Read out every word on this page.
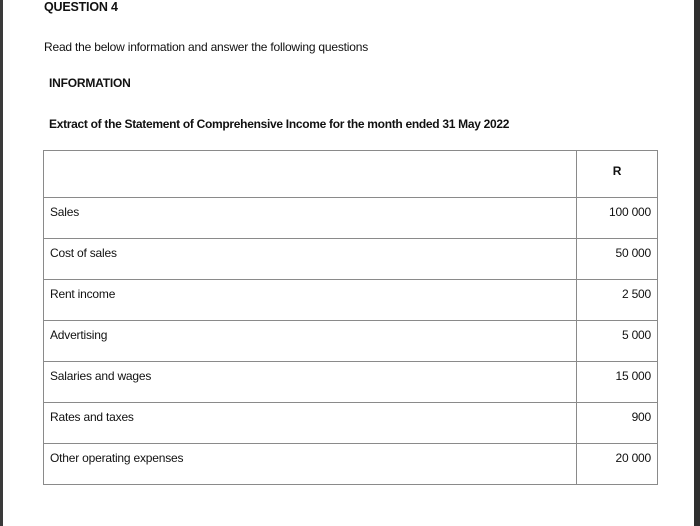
QUESTION 4
Read the below information and answer the following questions
INFORMATION
Extract of the Statement of Comprehensive Income for the month ended 31 May 2022
	R
Sales	100 000
Cost of sales	50 000
Rent income	2 500
Advertising	5 000
Salaries and wages	15 000
Rates and taxes	900
Other operating expenses	20 000
